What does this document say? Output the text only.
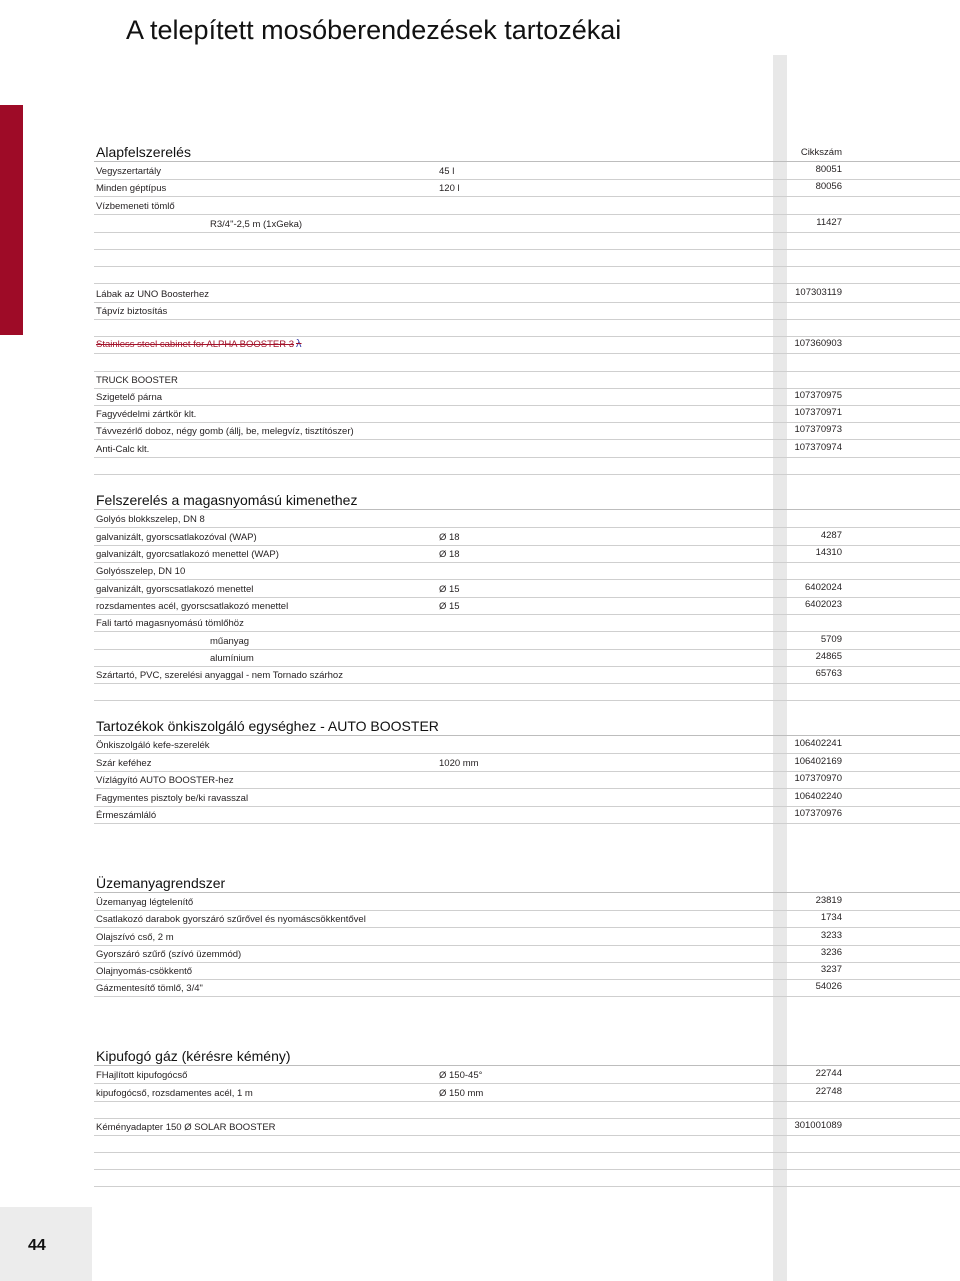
A telepített mosóberendezések tartozékai
Alapfelszerelés	Cikkszám
Vegyszertartály	45 l	80051
Minden géptípus	120 l	80056
Vízbemeneti tömlő
R3/4"-2,5 m (1xGeka)	11427
Lábak az UNO Boosterhez	107303119
Tápvíz biztosítás
Stainless steel cabinet for ALPHA BOOSTER 3 λ	107360903
TRUCK BOOSTER
Szigetelő párna	107370975
Fagyvédelmi zártkör klt.	107370971
Távvezérlő doboz, négy gomb (állj, be, melegvíz, tisztítószer)	107370973
Anti-Calc klt.	107370974
Felszerelés a magasnyomású kimenethez
Golyós blokkszelep, DN 8
galvanizált, gyorscsatlakozóval (WAP)	Ø 18	4287
galvanizált, gyorcsatlakozó menettel (WAP)	Ø 18	14310
Golyósszelep, DN 10
galvanizált, gyorscsatlakozó menettel	Ø 15	6402024
rozsdamentes acél, gyorscsatlakozó menettel	Ø 15	6402023
Fali tartó magasnyomású tömlőhöz
műanyag	5709
alumínium	24865
Szártartó, PVC, szerelési anyaggal - nem Tornado szárhoz	65763
Tartozékok önkiszolgáló egységhez - AUTO BOOSTER
Önkiszolgáló kefe-szerelék	106402241
Szár keféhez	1020 mm	106402169
Vízlágyító AUTO BOOSTER-hez	107370970
Fagymentes pisztoly be/ki ravasszal	106402240
Érmeszámláló	107370976
Üzemanyagrendszer
Üzemanyag légtelenítő	23819
Csatlakozó darabok gyorszáró szűrővel és nyomáscsökkentővel	1734
Olajszívó cső, 2 m	3233
Gyorszáró szűrő (szívó üzemmód)	3236
Olajnyomás-csökkentő	3237
Gázmentesítő tömlő, 3/4"	54026
Kipufogó gáz (kérésre kémény)
FHajlított kipufogócső	Ø 150-45°	22744
kipufogócső, rozsdamentes acél, 1 m	Ø 150 mm	22748
Kéményadapter 150 Ø SOLAR BOOSTER	301001089
44
